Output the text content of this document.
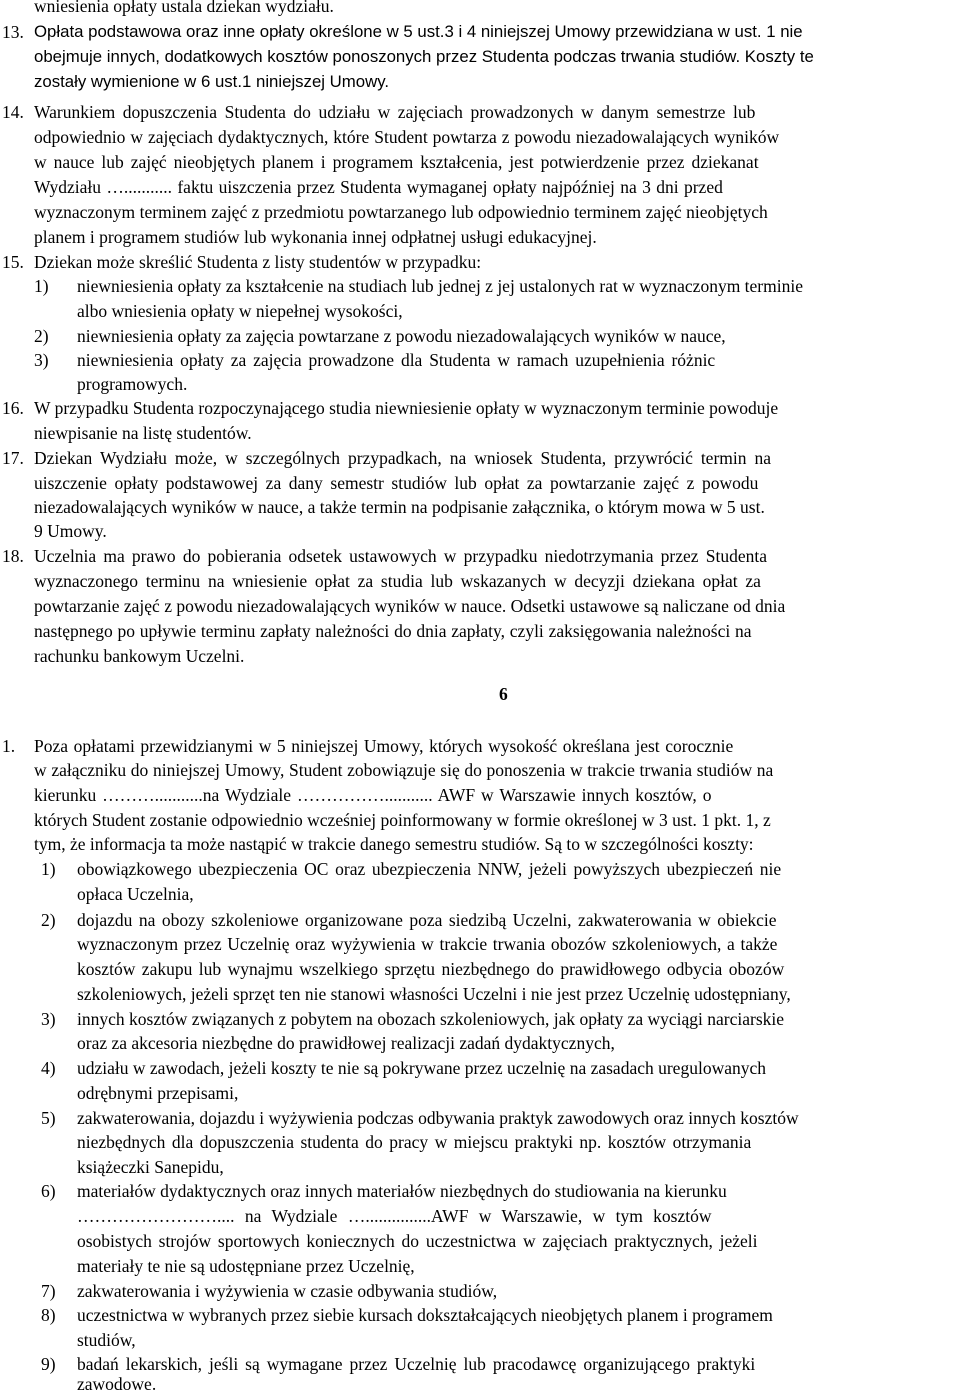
wniesienia opłaty ustala dziekan wydziału.
13. Opłata podstawowa oraz inne opłaty określone w 5 ust.3 i 4 niniejszej Umowy przewidziana w ust. 1 nie
obejmuje innych, dodatkowych kosztów ponoszonych przez Studenta podczas trwania studiów. Koszty te
zostały wymienione w 6 ust.1 niniejszej Umowy.
14. Warunkiem dopuszczenia Studenta do udziału w zajęciach prowadzonych w danym semestrze lub
odpowiednio w zajęciach dydaktycznych, które Student powtarza z powodu niezadowalających wyników
w nauce lub zajęć nieobjętych planem i programem kształcenia, jest potwierdzenie przez dziekanat
Wydziału …........... faktu uiszczenia przez Studenta wymaganej opłaty najpóźniej na 3 dni przed
wyznaczonym terminem zajęć z przedmiotu powtarzanego lub odpowiednio terminem zajęć nieobjętych
planem i programem studiów lub wykonania innej odpłatnej usługi edukacyjnej.
15. Dziekan może skreślić Studenta z listy studentów w przypadku:
1) niewniesienia opłaty za kształcenie na studiach lub jednej z jej ustalonych rat w wyznaczonym terminie
albo wniesienia opłaty w niepełnej wysokości,
2) niewniesienia opłaty za zajęcia powtarzane z powodu niezadowalających wyników w nauce,
3) niewniesienia opłaty za zajęcia prowadzone dla Studenta w ramach uzupełnienia różnic
programowych.
16. W przypadku Studenta rozpoczynającego studia niewniesienie opłaty w wyznaczonym terminie powoduje
niewpisanie na listę studentów.
17. Dziekan Wydziału może, w szczególnych przypadkach, na wniosek Studenta, przywrócić termin na
uiszczenie opłaty podstawowej za dany semestr studiów lub opłat za powtarzanie zajęć z powodu
niezadowalających wyników w nauce, a także termin na podpisanie załącznika, o którym mowa w 5 ust.
9 Umowy.
18. Uczelnia ma prawo do pobierania odsetek ustawowych w przypadku niedotrzymania przez Studenta
wyznaczonego terminu na wniesienie opłat za studia lub wskazanych w decyzji dziekana opłat za
powtarzanie zajęć z powodu niezadowalających wyników w nauce. Odsetki ustawowe są naliczane od dnia
następnego po upływie terminu zapłaty należności do dnia zapłaty, czyli zaksięgowania należności na
rachunku bankowym Uczelni.
6
1. Poza opłatami przewidzianymi w 5 niniejszej Umowy, których wysokość określana jest corocznie
w załączniku do niniejszej Umowy, Student zobowiązuje się do ponoszenia w trakcie trwania studiów na
kierunku ………...........na Wydziale ……………........... AWF w Warszawie innych kosztów, o
których Student zostanie odpowiednio wcześniej poinformowany w formie określonej w 3 ust. 1 pkt. 1, z
tym, że informacja ta może nastąpić w trakcie danego semestru studiów. Są to w szczególności koszty:
1) obowiązkowego ubezpieczenia OC oraz ubezpieczenia NNW, jeżeli powyższych ubezpieczeń nie
opłaca Uczelnia,
2) dojazdu na obozy szkoleniowe organizowane poza siedzibą Uczelni, zakwaterowania w obiekcie
wyznaczonym przez Uczelnię oraz wyżywienia w trakcie trwania obozów szkoleniowych, a także
kosztów zakupu lub wynajmu wszelkiego sprzętu niezbędnego do prawidłowego odbycia obozów
szkoleniowych, jeżeli sprzęt ten nie stanowi własności Uczelni i nie jest przez Uczelnię udostępniany,
3) innych kosztów związanych z pobytem na obozach szkoleniowych, jak opłaty za wyciągi narciarskie
oraz za akcesoria niezbędne do prawidłowej realizacji zadań dydaktycznych,
4) udziału w zawodach, jeżeli koszty te nie są pokrywane przez uczelnię na zasadach uregulowanych
odrębnymi przepisami,
5) zakwaterowania, dojazdu i wyżywienia podczas odbywania praktyk zawodowych oraz innych kosztów
niezbędnych dla dopuszczenia studenta do pracy w miejscu praktyki np. kosztów otrzymania
książeczki Sanepidu,
6) materiałów dydaktycznych oraz innych materiałów niezbędnych do studiowania na kierunku
…………………….... na Wydziale …...............AWF w Warszawie, w tym kosztów
osobistych strojów sportowych koniecznych do uczestnictwa w zajęciach praktycznych, jeżeli
materiały te nie są udostępniane przez Uczelnię,
7) zakwaterowania i wyżywienia w czasie odbywania studiów,
8) uczestnictwa w wybranych przez siebie kursach dokształcających nieobjętych planem i programem
studiów,
9) badań lekarskich, jeśli są wymagane przez Uczelnię lub pracodawcę organizującego praktyki
zawodowe.
